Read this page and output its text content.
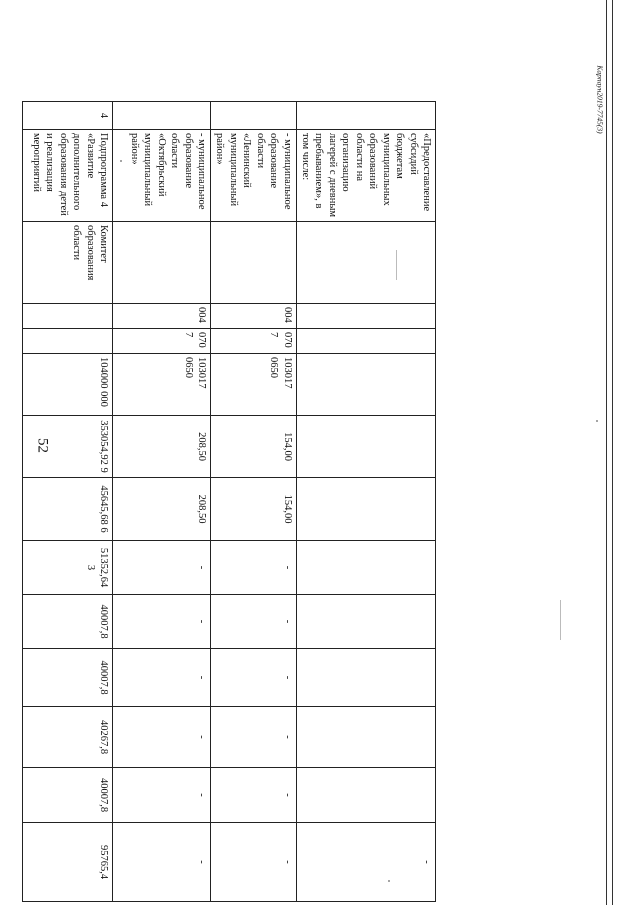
52
	«Предоставление субсидий бюджетам муниципальных образований области на организацию лагерей с дневным пребыванием», в том числе:												-
	- муниципальное образование области «Ленинский муниципальный район»		004	070 7	103017 0650	154,00	154,00	-	-	-	-	-	-
	- муниципальное образование области «Октябрьский муниципальный район»		004	070 7	103017 0650	208,50	208,50	-	-	-	-	-	-
4	Подпрограмма 4 «Развитие дополнительного образования детей и реализация мероприятий	Комитет образования области			104000 000	353054,92 9	45645,68 6	51352,64 3	40007,8	40007,8	40267,8	40007,8	95765,4
Карпаун2019-7745(3)
